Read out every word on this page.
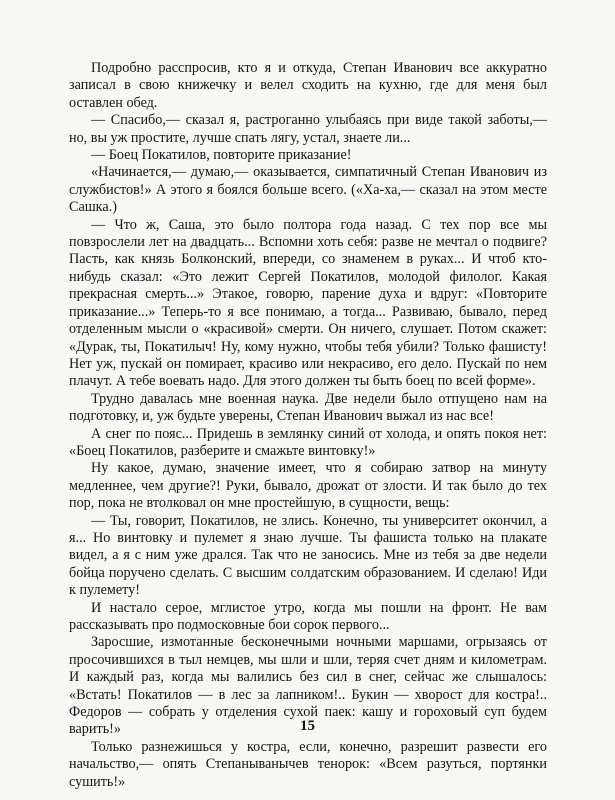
Подробно расспросив, кто я и откуда, Степан Иванович все аккуратно записал в свою книжечку и велел сходить на кухню, где для меня был оставлен обед.

— Спасибо,— сказал я, растроганно улыбаясь при виде такой заботы,— но, вы уж простите, лучше спать лягу, устал, знаете ли...

— Боец Покатилов, повторите приказание!

«Начинается,— думаю,— оказывается, симпатичный Степан Иванович из службистов!» А этого я боялся больше всего. («Ха-ха,— сказал на этом месте Сашка.)

— Что ж, Саша, это было полтора года назад. С тех пор все мы повзрослели лет на двадцать... Вспомни хоть себя: разве не мечтал о подвиге? Пасть, как князь Болконский, впереди, со знаменем в руках... И чтоб кто-нибудь сказал: «Это лежит Сергей Покатилов, молодой филолог. Какая прекрасная смерть...» Этакое, говорю, парение духа и вдруг: «Повторите приказание...» Теперь-то я все понимаю, а тогда... Развиваю, бывало, перед отделенным мысли о «красивой» смерти. Он ничего, слушает. Потом скажет: «Дурак, ты, Покатилыч! Ну, кому нужно, чтобы тебя убили? Только фашисту! Нет уж, пускай он помирает, красиво или некрасиво, его дело. Пускай по нем плачут. А тебе воевать надо. Для этого должен ты быть боец по всей форме».

Трудно давалась мне военная наука. Две недели было отпущено нам на подготовку, и, уж будьте уверены, Степан Иванович выжал из нас все!

А снег по пояс... Придешь в землянку синий от холода, и опять покоя нет: «Боец Покатилов, разберите и смажьте винтовку!»

Ну какое, думаю, значение имеет, что я собираю затвор на минуту медленнее, чем другие?! Руки, бывало, дрожат от злости. И так было до тех пор, пока не втолковал он мне простейшую, в сущности, вещь:

— Ты, говорит, Покатилов, не злись. Конечно, ты университет окончил, а я... Но винтовку и пулемет я знаю лучше. Ты фашиста только на плакате видел, а я с ним уже дрался. Так что не заносись. Мне из тебя за две недели бойца поручено сделать. С высшим солдатским образованием. И сделаю! Иди к пулемету!

И настало серое, мглистое утро, когда мы пошли на фронт. Не вам рассказывать про подмосковные бои сорок первого...

Заросшие, измотанные бесконечными ночными маршами, огрызаясь от просочившихся в тыл немцев, мы шли и шли, теряя счет дням и километрам. И каждый раз, когда мы валились без сил в снег, сейчас же слышалось: «Встать! Покатилов — в лес за лапником!.. Букин — хворост для костра!.. Федоров — собрать у отделения сухой паек: кашу и гороховый суп будем варить!»

Только разнежишься у костра, если, конечно, разрешит развести его начальство,— опять Степаныванычев тенорок: «Всем разуться, портянки сушить!»

15
